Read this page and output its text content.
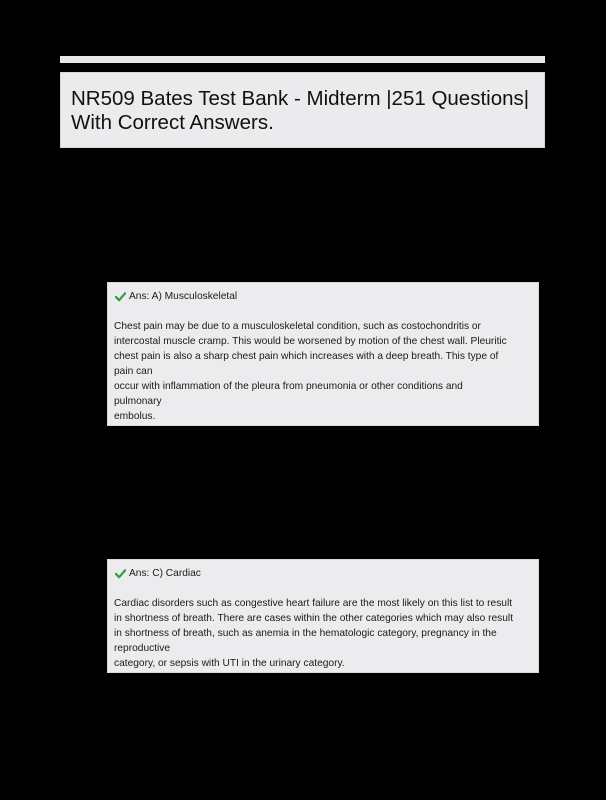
NR509 Bates Test Bank - Midterm |251 Questions| With Correct Answers.
Ans: A) Musculoskeletal

Chest pain may be due to a musculoskeletal condition, such as costochondritis or

intercostal muscle cramp. This would be worsened by motion of the chest wall. Pleuritic

chest pain is also a sharp chest pain which increases with a deep breath. This type of

pain can

occur with inflammation of the pleura from pneumonia or other conditions and

pulmonary

embolus.

Ans: C) Cardiac

Cardiac disorders such as congestive heart failure are the most likely on this list to result

in shortness of breath. There are cases within the other categories which may also result

in shortness of breath, such as anemia in the hematologic category, pregnancy in the

reproductive

category, or sepsis with UTI in the urinary category.
